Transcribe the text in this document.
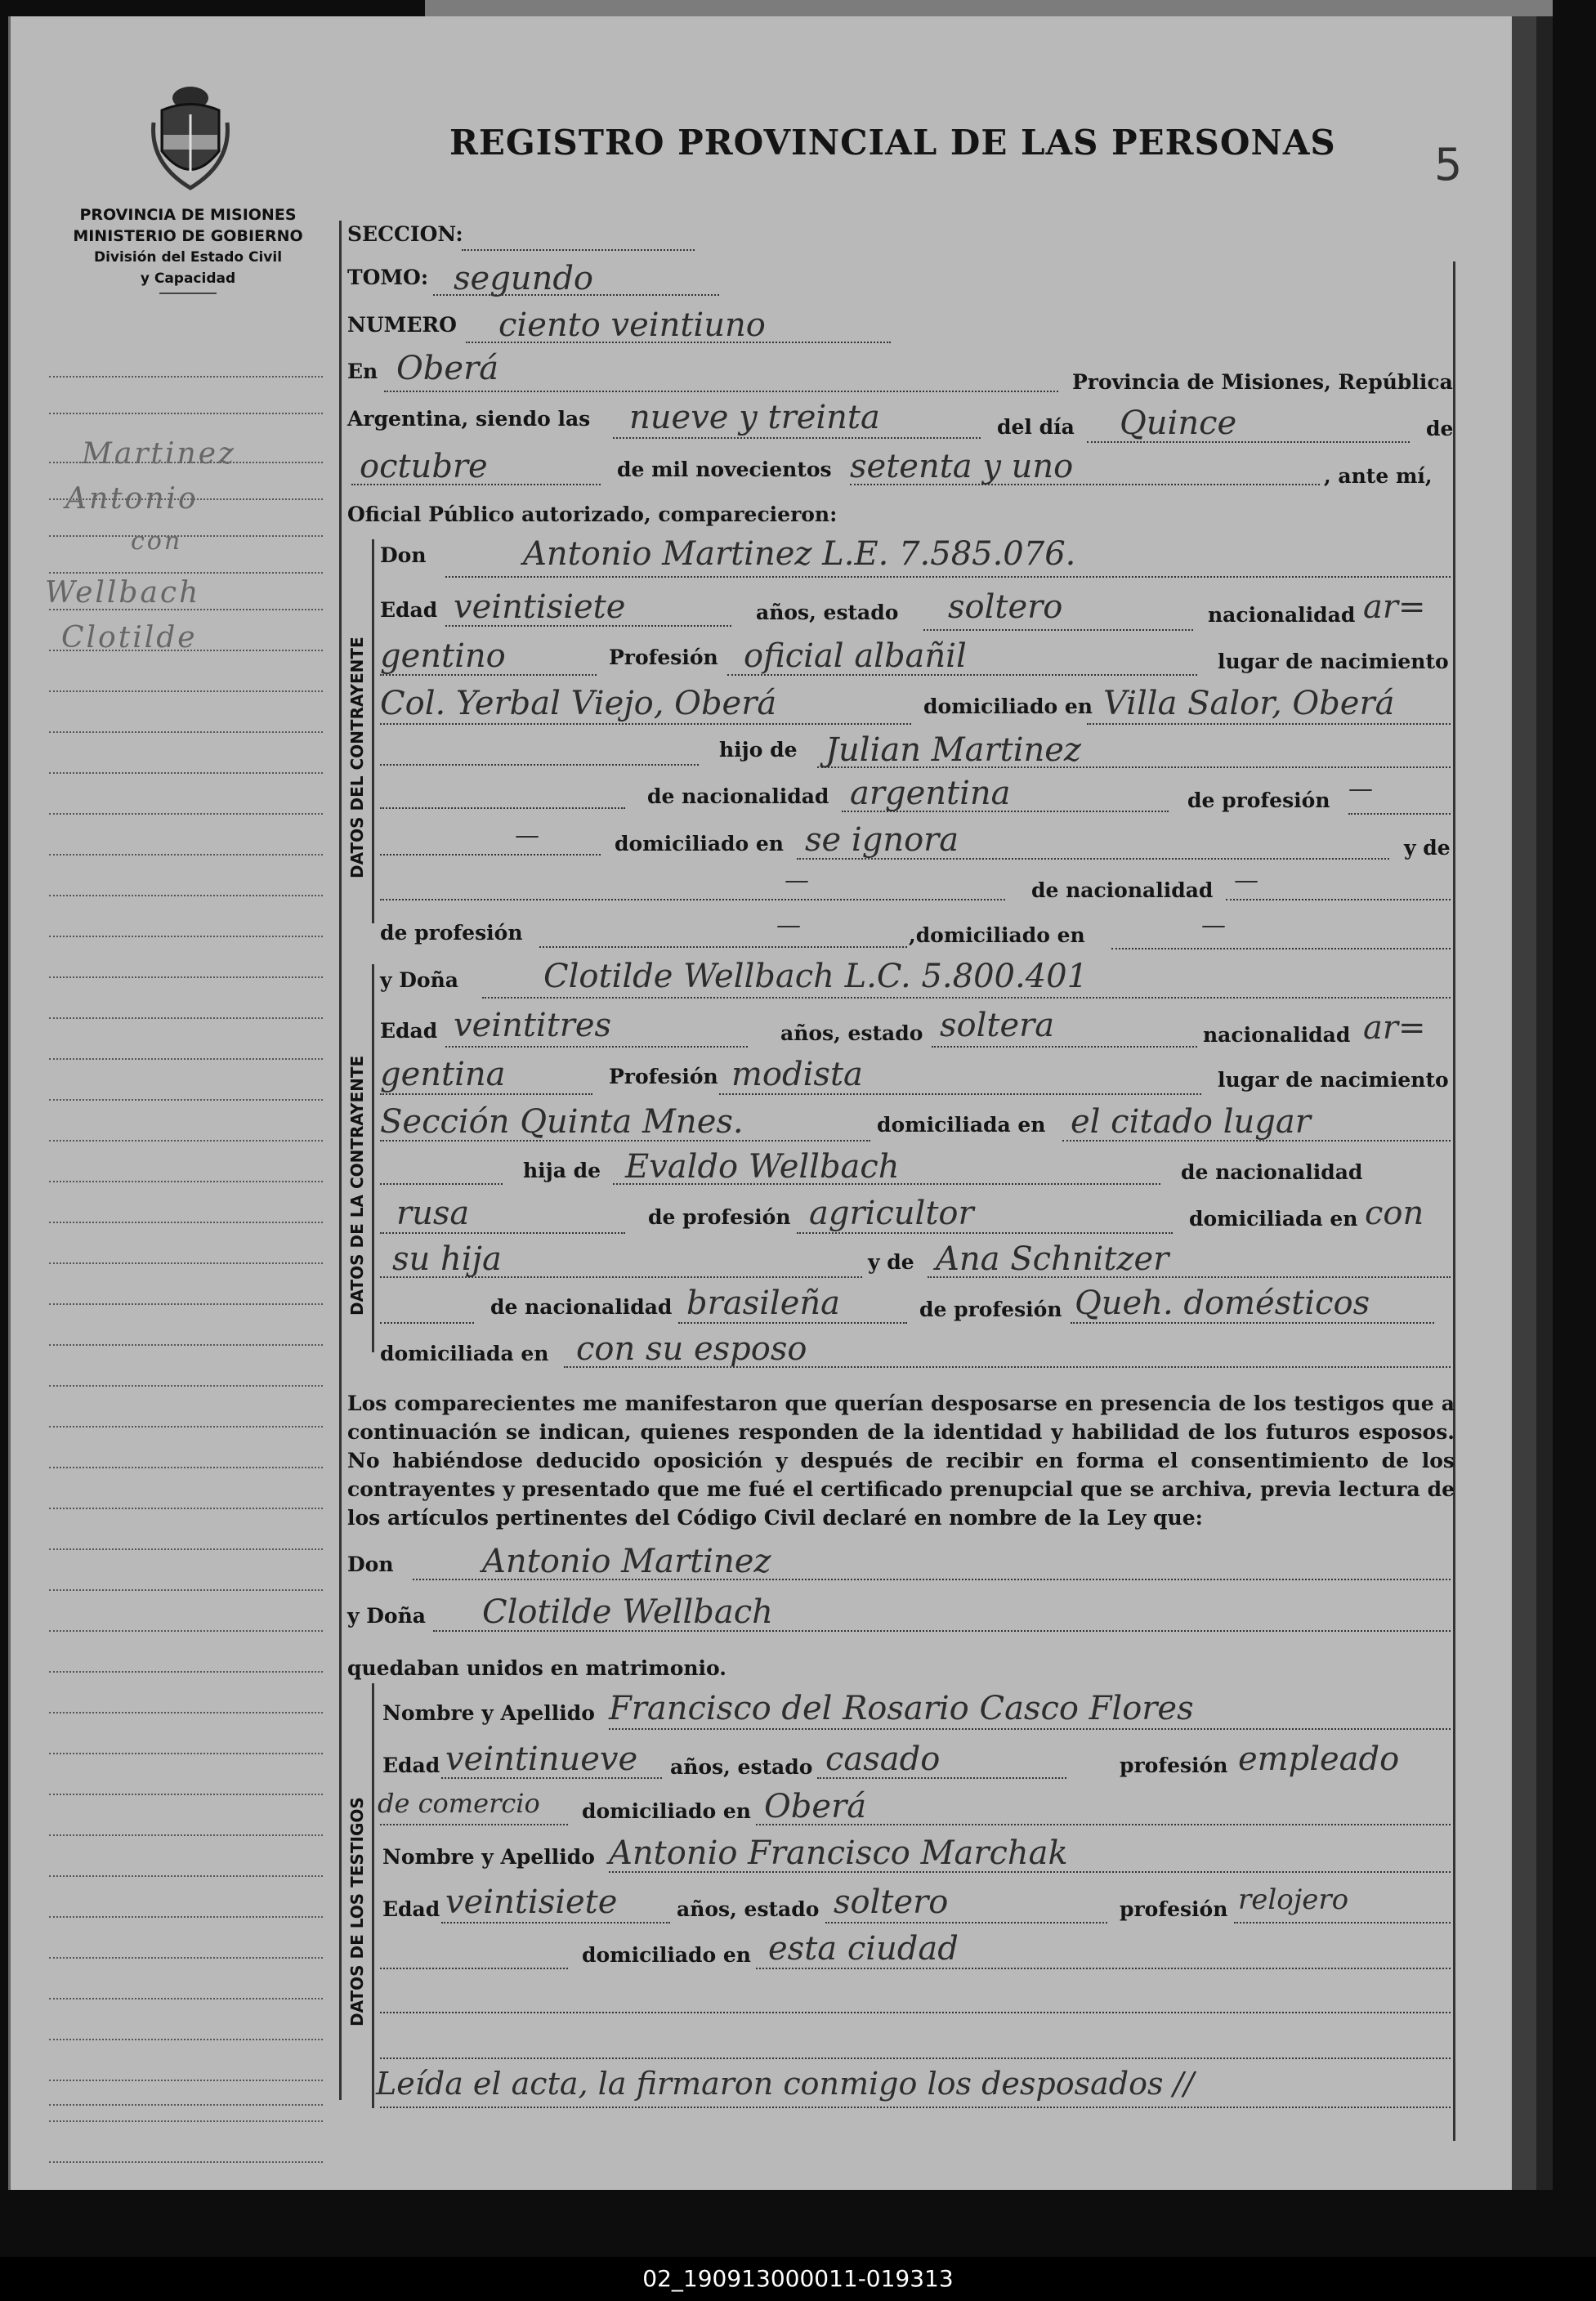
PROVINCIA DE MISIONES
MINISTERIO DE GOBIERNO
División del Estado Civil
y Capacidad
REGISTRO PROVINCIAL DE LAS PERSONAS 5
Martinez
Antonio
con
Wellbach
Clotilde
SECCION:
TOMO: segundo
NUMERO ciento veintiuno
En Oberá	Provincia de Misiones, República
Argentina, siendo las nueve y treinta	del día Quince	de
octubre	de mil novecientos setenta y uno	, ante mí,
Oficial Público autorizado, comparecieron:
DATOS DEL CONTRAYENTE
Don	Antonio Martinez L.E. 7.585.076.
Edad veintisiete	años, estado soltero	nacionalidad ar=
gentino	Profesión oficial albañil	lugar de nacimiento
Col. Yerbal Viejo, Oberá	domiciliado en Villa Salor, Oberá
hijo de Julian Martinez
de nacionalidad argentina	de profesión —
—	domiciliado en se ignora	y de
—	de nacionalidad —
de profesión	—	,domiciliado en	—
DATOS DE LA CONTRAYENTE
y Doña	Clotilde Wellbach L.C. 5.800.401
Edad veintitres	años, estado soltera	nacionalidad ar=
gentina	Profesión modista	lugar de nacimiento
Sección Quinta Mnes.	domiciliada en el citado lugar
hija de Evaldo Wellbach	de nacionalidad
rusa	de profesión agricultor	domiciliada en con
su hija	y de Ana Schnitzer
de nacionalidad brasileña	de profesión Queh. domésticos
domiciliada en con su esposo
Los comparecientes me manifestaron que querían desposarse en presencia de los testigos que a continuación se indican, quienes responden de la identidad y habilidad de los futuros esposos. No habiéndose deducido oposición y después de recibir en forma el consentimiento de los contrayentes y presentado que me fué el certificado prenupcial que se archiva, previa lectura de los artículos pertinentes del Código Civil declaré en nombre de la Ley que:
Don	Antonio Martinez
y Doña Clotilde Wellbach
quedaban unidos en matrimonio.
DATOS DE LOS TESTIGOS
Nombre y Apellido Francisco del Rosario Casco Flores
Edad veintinueve años, estado casado	profesión empleado
de comercio domiciliado en Oberá
Nombre y Apellido Antonio Francisco Marchak
Edad veintisiete	años, estado soltero	profesión relojero
domiciliado en esta ciudad
Leída el acta, la firmaron conmigo los desposados //
02_190913000011-019313
